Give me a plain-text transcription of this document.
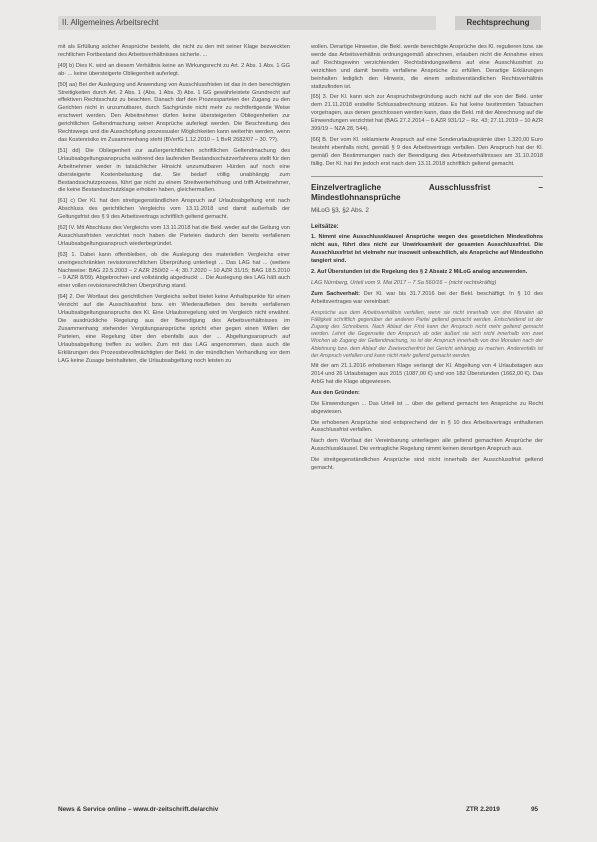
II. Allgemeines Arbeitsrecht	Rechtsprechung

mit als Erfüllung solcher Ansprüche besteht, die nicht zu den mit seiner Klage bezweckten rechtlichen Fortbestand des Arbeitsverhältnisses sicherte. ...

[49] b) Dies K. wird an diesem Verhältnis keine an Wirkungsrecht zu Art. 2 Abs. 1 Abs. 1 GG ab- ... keine übersteigerte Obliegenheit auferlegt.

[50] aa) Bei der Auslegung und Anwendung von Ausschlussfristen ist das in den berechtigten Streitigkeiten durch Art. 2 Abs. 1 (Abs. 1 Abs. 3) Abs. 1 GG gewährleistete Grundrecht auf effektiven Rechtsschutz zu beachten. Danach darf den Prozessparteien der Zugang zu den Gerichten nicht in unzumutbarer, durch Sachgründe nicht mehr zu rechtfertigende Weise erschwert werden. Den Arbeitnehmer dürfen keine übersteigerten Obliegenheiten zur gerichtlichen Geltendmachung seiner Ansprüche auferlegt werden. Die Beschreitung des Rechtswegs und die Ausschöpfung prozessualer Möglichkeiten kann weiterhin werden, wenn das Kostenrisiko im Zusammenhang steht (BVerfG 1.12.2010 – 1 BvR 2682/07 – 30. ??).

[51] dd) Die Obliegenheit zur außergerichtlichen schriftlichen Geltendmachung des Urlaubsabgeltungsanspruchs während des laufenden Bestandsschutzverfahrens stellt für den Arbeitnehmer weder in tatsächlicher Hinsicht unzumutbaren Hürden auf noch eine übersteigerte Kostenbelastung dar. Sie bedarf völlig unabhängig zum Bestandsschutzprozess, führt gar nicht zu einem Streitwerterhöhung und trifft Arbeitnehmer, die keine Bestandsschutzklage erhoben haben, gleichermaßen.

[61] c) Der Kl. hat den streitgegenständlichen Anspruch auf Urlaubsabgeltung erst nach Abschluss des gerichtlichen Vergleichs vom 13.11.2018 und damit außerhalb der Geltungsfrist des § 9 des Arbeitsvertrags schriftlich geltend gemacht.

[62] IV. Mit Abschluss des Vergleichs vom 13.11.2018 hat die Bekl. weder auf die Geltung von Ausschlussfristen verzichtet noch haben die Parteien dadurch den bereits verfallenen Urlaubsabgeltungsanspruch wiederbegründet.

[63] 1. Dabei kann offenbleiben, ob die Auslegung des materiellen Vergleichs einer uneingeschränkten revisionsrechtlichen Überprüfung unterliegt ... Das LAG hat ... (weitere Nachweise: BAG 22.5.2003 – 2 AZR 250/02 – 4; 30.7.2020 – 10 AZR 31/15; BAG 18.5.2010 – 9 AZR 8/09). Abgebrochen und vollständig abgedruckt ... Die Auslegung des LAG hält auch einer vollen revisionsrechtlichen Überprüfung stand.

[64] 2. Der Wortlaut des gerichtlichen Vergleichs selbst bietet keine Anhaltspunkte für einen Verzicht auf die Ausschlussfrist bzw. ein Wiederaufleben des bereits verfallenen Urlaubsabgeltungsanspruchs des Kl. Eine Urlaubsregelung wird im Vergleich nicht erwähnt. Die ausdrückliche Regelung aus der Beendigung des Arbeitsverhältnisses im Zusammenhang stehender Vergütungsansprüche spricht eher gegen einen Willen der Parteien, eine Regelung über den ebenfalls aus der ... Abgeltungsanspruch auf Urlaubsabgeltung treffen zu wollen. Zum mit das LAG angenommen, dass auch die Erklärungen des Prozessbevollmächtigten der Bekl. in der mündlichen Verhandlung vor dem LAG keine Zusage beinhalteten, die Urlaubsabgeltung noch leisten zu

wollen. Derartige Hinweise, die Bekl. werde berechtigte Ansprüche des Kl. regulieren bzw. sie werde das Arbeitsverhältnis ordnungsgemäß abrechnen, erlauben nicht die Annahme eines auf Rechtsgewinn verzichtenden Rechtsbindungswillens auf eine Ausschlussfrist zu verzichten und damit bereits verfallene Ansprüche zu erfüllen. Derartige Erklärungen beinhalten lediglich den Hinweis, die einem selbstverständlichen Rechtsverhältnis stattzufinden ist.

[65] 3. Der Kl. kann sich zur Anspruchsbegründung auch nicht auf die von der Bekl. unter dem 21.11.2018 erstellte Schlussabrechnung stützen. Es hat keine bestimmten Tatsachen vorgetragen, aus denen geschlossen werden kann, dass die Bekl. mit der Abrechnung auf die Einwendungen verzichtet hat (BAG 27.2.2014 – 6 AZR 931/12 – Rz. 43; 27.11.2019 – 10 AZR 399/19 – NZA 28, 544).

[66] B. Der vom Kl. reklamierte Anspruch auf eine Sonderurlaubsprämie über 1.320,00 Euro besteht ebenfalls nicht, gemäß § 9 des Arbeitsvertrags verfallen. Den Anspruch hat der Kl. gemäß den Bestimmungen nach der Beendigung des Arbeitsverhältnisses am 31.10.2018 fällig. Der Kl. hat ihn jedoch erst nach dem 13.11.2018 schriftlich geltend gemacht.

Einzelvertragliche Ausschlussfrist – Mindestlohnansprüche
MiLoG §3, §2 Abs. 2
Leitsätze:

1. Nimmt eine Ausschlussklausel Ansprüche wegen des gesetzlichen Mindestlohns nicht aus, führt dies nicht zur Unwirksamkeit der gesamten Ausschlussfrist. Die Ausschlussfrist ist vielmehr nur insoweit unbeachtlich, als Ansprüche auf Mindestlohn tangiert sind.

2. Auf Überstunden ist die Regelung des § 2 Absatz 2 MiLoG analog anzuwenden.

LAG Nürnberg, Urteil vom 9. Mai 2017 – 7 Sa 560/16 – (nicht rechtskräftig)

Zum Sachverhalt: Der Kl. war bis 31.7.2016 bei der Bekl. beschäftigt. In § 10 des Arbeitsvertrages war vereinbart:

Ansprüche aus dem Arbeitsverhältnis verfallen, wenn sie nicht innerhalb von drei Monaten ab Fälligkeit schriftlich gegenüber der anderen Partei geltend gemacht werden. Entscheidend ist der Zugang des Schreibens. Nach Ablauf der Frist kann der Anspruch nicht mehr geltend gemacht werden. Lehnt die Gegenseite den Anspruch ab oder äußert sie sich nicht innerhalb von zwei Wochen ab Zugang der Geltendmachung, so ist der Anspruch innerhalb von drei Monaten nach der Ablehnung bzw. dem Ablauf der Zweiwochenfrist bei Gericht anhängig zu machen. Anderenfalls ist der Anspruch verfallen und kann nicht mehr geltend gemacht werden.

Mit der am 21.1.2016 erhobenen Klage verlangt der Kl. Abgeltung von 4 Urlaubstagen aus 2014 und 26 Urlaubstagen aus 2015 (1087,00 €) und von 182 Überstunden (1662,00 €). Das ArbG hat die Klage abgewiesen.

Aus den Gründen:

Die Einwendungen ... Das Urteil ist ... über die geltend gemacht ten Ansprüche zu Recht abgewiesen.

Die erhobenen Ansprüche sind entsprechend der in § 10 des Arbeitsvertrags enthaltenen Ausschlussfrist verfallen.

Nach dem Wortlaut der Vereinbarung unterliegen alle geltend gemachten Ansprüche der Ausschlussklausel. Die vertragliche Regelung nimmt keinen derartigen Anspruch aus.

Die streitgegenständlichen Ansprüche sind nicht innerhalb der Ausschlussfrist geltend gemacht.

News & Service online – www.dr-zeitschrift.de/archiv	ZTR 2.2019	95
